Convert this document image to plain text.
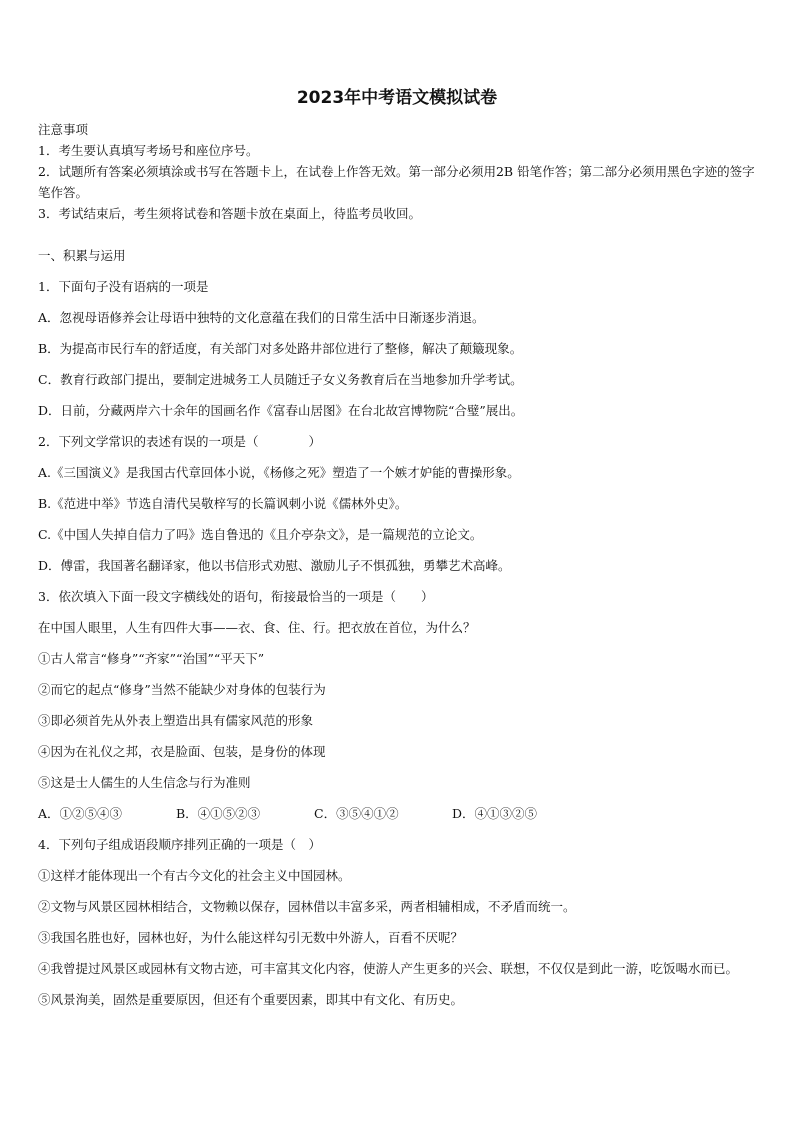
2023年中考语文模拟试卷

注意事项

1．考生要认真填写考场号和座位序号。

2．试题所有答案必须填涂或书写在答题卡上，在试卷上作答无效。第一部分必须用2B 铅笔作答；第二部分必须用黑色字迹的签字笔作答。

3．考试结束后，考生须将试卷和答题卡放在桌面上，待监考员收回。

一、积累与运用

1．下面句子没有语病的一项是

A．忽视母语修养会让母语中独特的文化意蕴在我们的日常生活中日渐逐步消退。

B．为提高市民行车的舒适度，有关部门对多处路井部位进行了整修，解决了颠簸现象。

C．教育行政部门提出，要制定进城务工人员随迁子女义务教育后在当地参加升学考试。

D．日前，分藏两岸六十余年的国画名作《富春山居图》在台北故宫博物院“合璧”展出。

2．下列文学常识的表述有误的一项是（　　　　）

A.《三国演义》是我国古代章回体小说，《杨修之死》塑造了一个嫉才妒能的曹操形象。

B.《范进中举》节选自清代吴敬梓写的长篇讽刺小说《儒林外史》。

C.《中国人失掉自信力了吗》选自鲁迅的《且介亭杂文》，是一篇规范的立论文。

D．傅雷，我国著名翻译家，他以书信形式劝慰、激励儿子不惧孤独，勇攀艺术高峰。

3．依次填入下面一段文字横线处的语句，衔接最恰当的一项是（　　）

在中国人眼里，人生有四件大事——衣、食、住、行。把衣放在首位，为什么？

①古人常言“修身”“齐家”“治国”“平天下”

②而它的起点“修身”当然不能缺少对身体的包装行为

③即必须首先从外表上塑造出具有儒家风范的形象

④因为在礼仪之邦，衣是脸面、包装，是身份的体现

⑤这是士人儒生的人生信念与行为准则

A．①②⑤④③	B．④①⑤②③	C．③⑤④①②	D．④①③②⑤

4．下列句子组成语段顺序排列正确的一项是（　）

①这样才能体现出一个有古今文化的社会主义中国园林。

②文物与风景区园林相结合，文物赖以保存，园林借以丰富多采，两者相辅相成，不矛盾而统一。

③我国名胜也好，园林也好，为什么能这样勾引无数中外游人，百看不厌呢？

④我曾提过风景区或园林有文物古迹，可丰富其文化内容，使游人产生更多的兴会、联想，不仅仅是到此一游，吃饭喝水而已。

⑤风景洵美，固然是重要原因，但还有个重要因素，即其中有文化、有历史。
